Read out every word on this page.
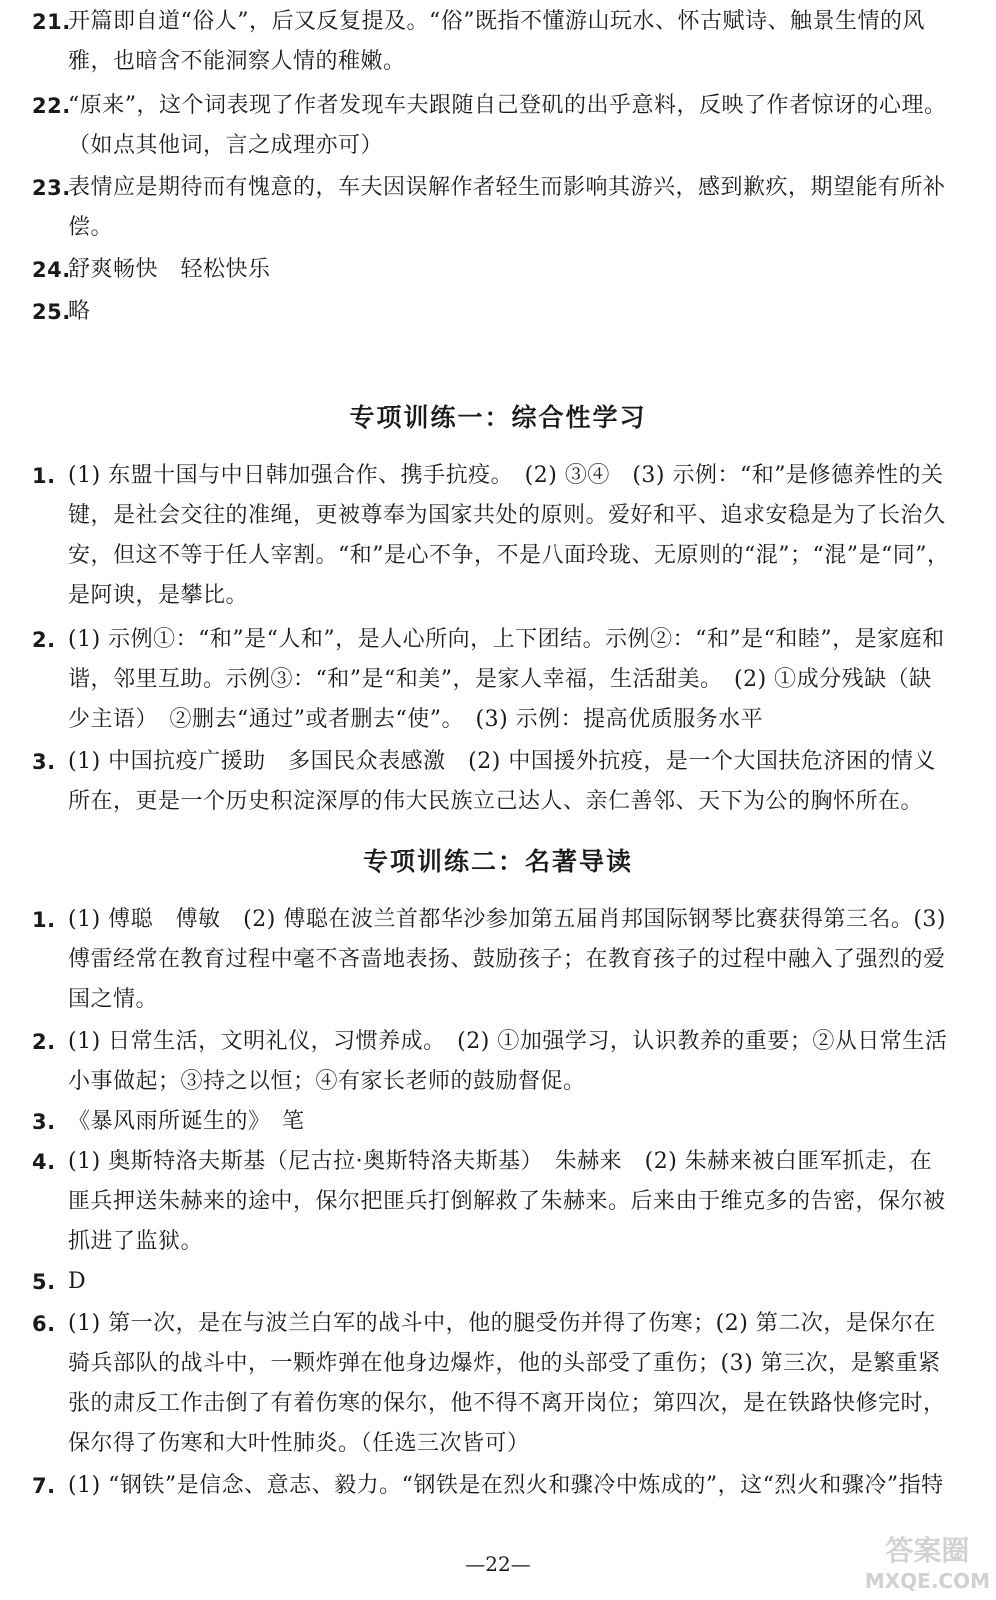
21.
开篇即自道“俗人”，后又反复提及。“俗”既指不懂游山玩水、怀古赋诗、触景生情的风雅，也暗含不能洞察人情的稚嫩。
22.
“原来”，这个词表现了作者发现车夫跟随自己登矶的出乎意料，反映了作者惊讶的心理。（如点其他词，言之成理亦可）
23.
表情应是期待而有愧意的，车夫因误解作者轻生而影响其游兴，感到歉疚，期望能有所补偿。
24.
舒爽畅快　轻松快乐
25.
略
专项训练一：综合性学习
1. (1) 东盟十国与中日韩加强合作、携手抗疫。　(2) ③④　(3) 示例：“和”是修德养性的关键，是社会交往的准绳，更被尊奉为国家共处的原则。爱好和平、追求安稳是为了长治久安，但这不等于任人宰割。“和”是心不争，不是八面玲珑、无原则的“混”；“混”是“同”，是阿谀，是攀比。
2. (1) 示例①：“和”是“人和”，是人心所向，上下团结。示例②：“和”是“和睦”，是家庭和谐，邻里互助。示例③：“和”是“和美”，是家人幸福，生活甜美。　(2) ①成分残缺（缺少主语）　②删去“通过”或者删去“使”。　(3) 示例：提高优质服务水平
3. (1) 中国抗疫广援助　多国民众表感激　(2) 中国援外抗疫，是一个大国扶危济困的情义所在，更是一个历史积淀深厚的伟大民族立己达人、亲仁善邻、天下为公的胸怀所在。
专项训练二：名著导读
1. (1) 傅聪　傅敏　(2) 傅聪在波兰首都华沙参加第五届肖邦国际钢琴比赛获得第三名。(3) 傅雷经常在教育过程中毫不吝啬地表扬、鼓励孩子；在教育孩子的过程中融入了强烈的爱国之情。
2. (1) 日常生活，文明礼仪，习惯养成。　(2) ①加强学习，认识教养的重要；②从日常生活小事做起；③持之以恒；④有家长老师的鼓励督促。
3. 《暴风雨所诞生的》　笔
4. (1) 奥斯特洛夫斯基（尼古拉·奥斯特洛夫斯基）　朱赫来　(2) 朱赫来被白匪军抓走，在匪兵押送朱赫来的途中，保尔把匪兵打倒解救了朱赫来。后来由于维克多的告密，保尔被抓进了监狱。
5. D
6. (1) 第一次，是在与波兰白军的战斗中，他的腿受伤并得了伤寒；(2) 第二次，是保尔在骑兵部队的战斗中，一颗炸弹在他身边爆炸，他的头部受了重伤；(3) 第三次，是繁重紧张的肃反工作击倒了有着伤寒的保尔，他不得不离开岗位；第四次，是在铁路快修完时，保尔得了伤寒和大叶性肺炎。（任选三次皆可）
7. (1) “钢铁”是信念、意志、毅力。“钢铁是在烈火和骤冷中炼成的”，这“烈火和骤冷”指特
—22—	答案圈
MXQE.COM
